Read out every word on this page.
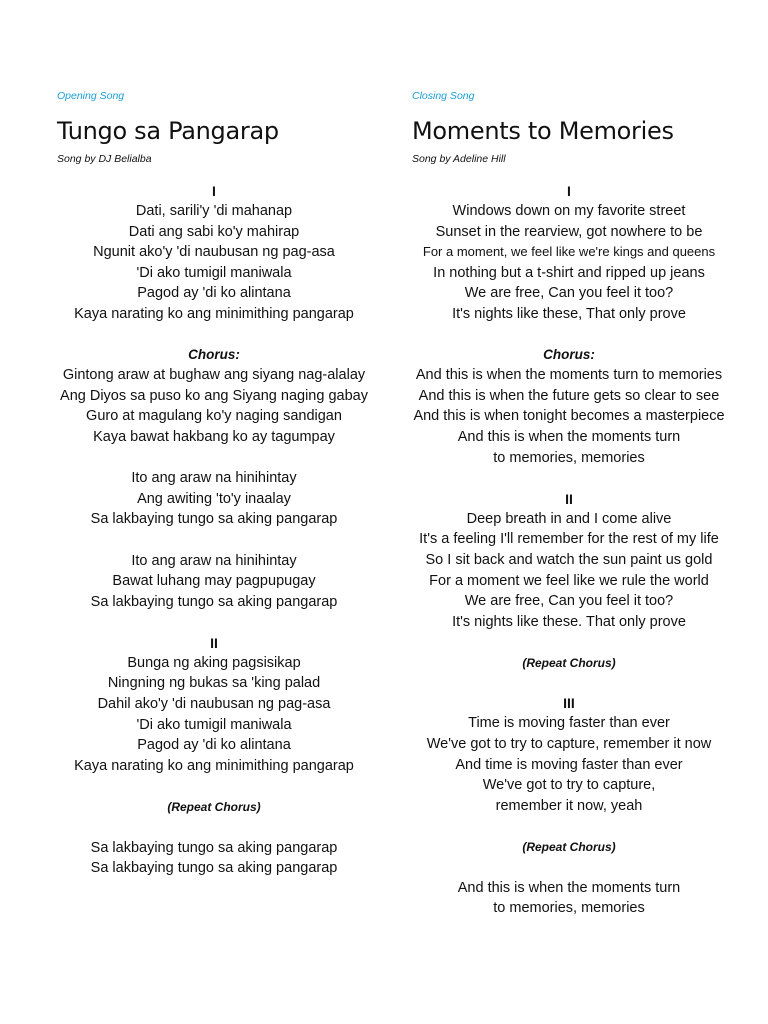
Opening Song
Tungo sa Pangarap
Song by DJ Belialba
I
Dati, sarili'y 'di mahanap
Dati ang sabi ko'y mahirap
Ngunit ako'y 'di naubusan ng pag-asa
'Di ako tumigil maniwala
Pagod ay 'di ko alintana
Kaya narating ko ang minimithing pangarap
Chorus:
Gintong araw at bughaw ang siyang nag-alalay
Ang Diyos sa puso ko ang Siyang naging gabay
Guro at magulang ko'y naging sandigan
Kaya bawat hakbang ko ay tagumpay
Ito ang araw na hinihintay
Ang awiting 'to'y inaalay
Sa lakbaying tungo sa aking pangarap
Ito ang araw na hinihintay
Bawat luhang may pagpupugay
Sa lakbaying tungo sa aking pangarap
II
Bunga ng aking pagsisikap
Ningning ng bukas sa 'king palad
Dahil ako'y 'di naubusan ng pag-asa
'Di ako tumigil maniwala
Pagod ay 'di ko alintana
Kaya narating ko ang minimithing pangarap
(Repeat Chorus)
Sa lakbaying tungo sa aking pangarap
Sa lakbaying tungo sa aking pangarap
Closing Song
Moments to Memories
Song by Adeline Hill
I
Windows down on my favorite street
Sunset in the rearview, got nowhere to be
For a moment, we feel like we're kings and queens
In nothing but a t-shirt and ripped up jeans
We are free, Can you feel it too?
It's nights like these, That only prove
Chorus:
And this is when the moments turn to memories
And this is when the future gets so clear to see
And this is when tonight becomes a masterpiece
And this is when the moments turn
to memories, memories
II
Deep breath in and I come alive
It's a feeling I'll remember for the rest of my life
So I sit back and watch the sun paint us gold
For a moment we feel like we rule the world
We are free, Can you feel it too?
It's nights like these. That only prove
(Repeat Chorus)
III
Time is moving faster than ever
We've got to try to capture, remember it now
And time is moving faster than ever
We've got to try to capture,
remember it now, yeah
(Repeat Chorus)
And this is when the moments turn
to memories, memories
